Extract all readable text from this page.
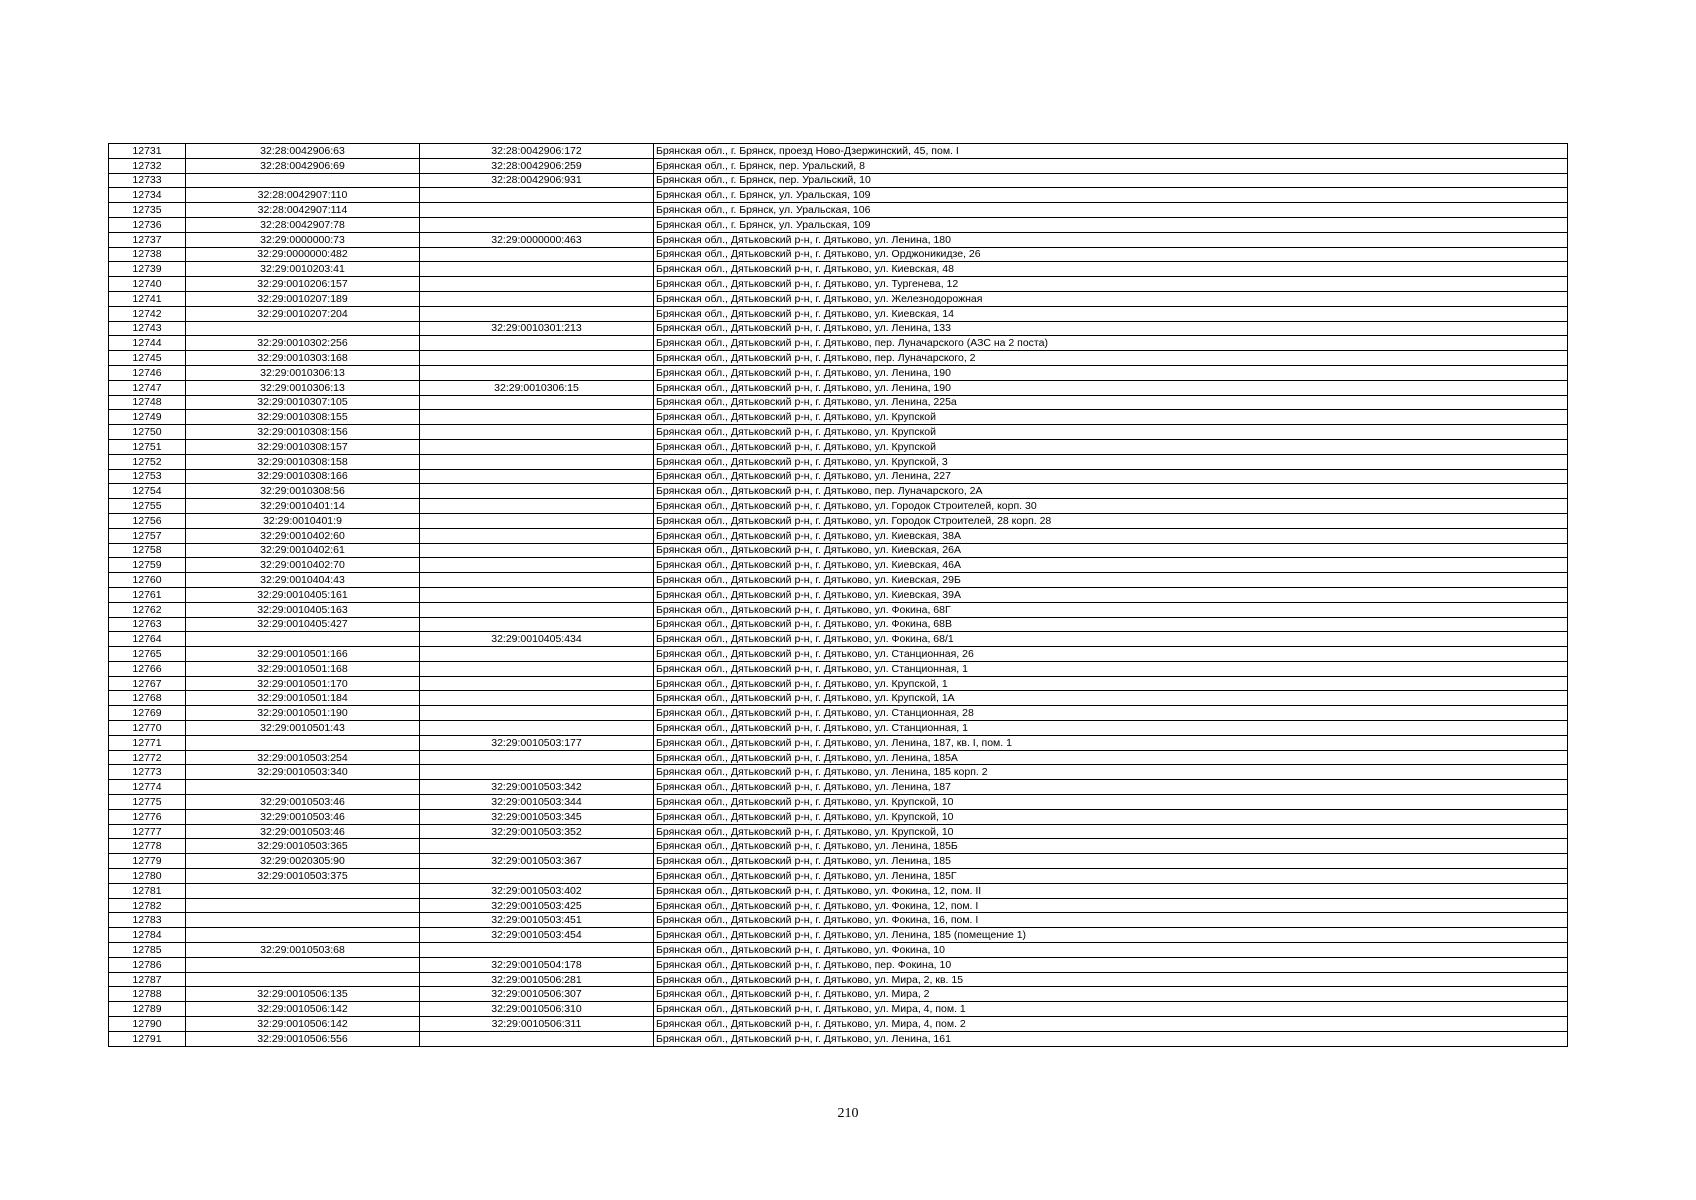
12731	32:28:0042906:63	32:28:0042906:172	Брянская обл., г. Брянск, проезд Ново-Дзержинский, 45, пом. I
12732	32:28:0042906:69	32:28:0042906:259	Брянская обл., г. Брянск, пер. Уральский, 8
12733		32:28:0042906:931	Брянская обл., г. Брянск, пер. Уральский, 10
12734	32:28:0042907:110		Брянская обл., г. Брянск, ул. Уральская, 109
12735	32:28:0042907:114		Брянская обл., г. Брянск, ул. Уральская, 106
12736	32:28:0042907:78		Брянская обл., г. Брянск, ул. Уральская, 109
12737	32:29:0000000:73	32:29:0000000:463	Брянская обл., Дятьковский р-н, г. Дятьково, ул. Ленина, 180
12738	32:29:0000000:482		Брянская обл., Дятьковский р-н, г. Дятьково, ул. Орджоникидзе, 26
12739	32:29:0010203:41		Брянская обл., Дятьковский р-н, г. Дятьково, ул. Киевская, 48
12740	32:29:0010206:157		Брянская обл., Дятьковский р-н, г. Дятьково, ул. Тургенева, 12
12741	32:29:0010207:189		Брянская обл., Дятьковский р-н, г. Дятьково, ул. Железнодорожная
12742	32:29:0010207:204		Брянская обл., Дятьковский р-н, г. Дятьково, ул. Киевская, 14
12743		32:29:0010301:213	Брянская обл., Дятьковский р-н, г. Дятьково, ул. Ленина, 133
12744	32:29:0010302:256		Брянская обл., Дятьковский р-н, г. Дятьково, пер. Луначарского (АЗС на 2 поста)
12745	32:29:0010303:168		Брянская обл., Дятьковский р-н, г. Дятьково, пер. Луначарского, 2
12746	32:29:0010306:13		Брянская обл., Дятьковский р-н, г. Дятьково, ул. Ленина, 190
12747	32:29:0010306:13	32:29:0010306:15	Брянская обл., Дятьковский р-н, г. Дятьково, ул. Ленина, 190
12748	32:29:0010307:105		Брянская обл., Дятьковский р-н, г. Дятьково, ул. Ленина, 225а
12749	32:29:0010308:155		Брянская обл., Дятьковский р-н, г. Дятьково, ул. Крупской
12750	32:29:0010308:156		Брянская обл., Дятьковский р-н, г. Дятьково, ул. Крупской
12751	32:29:0010308:157		Брянская обл., Дятьковский р-н, г. Дятьково, ул. Крупской
12752	32:29:0010308:158		Брянская обл., Дятьковский р-н, г. Дятьково, ул. Крупской, 3
12753	32:29:0010308:166		Брянская обл., Дятьковский р-н, г. Дятьково, ул. Ленина, 227
12754	32:29:0010308:56		Брянская обл., Дятьковский р-н, г. Дятьково, пер. Луначарского, 2А
12755	32:29:0010401:14		Брянская обл., Дятьковский р-н, г. Дятьково, ул. Городок Строителей, корп. 30
12756	32:29:0010401:9		Брянская обл., Дятьковский р-н, г. Дятьково, ул. Городок Строителей, 28 корп. 28
12757	32:29:0010402:60		Брянская обл., Дятьковский р-н, г. Дятьково, ул. Киевская, 38А
12758	32:29:0010402:61		Брянская обл., Дятьковский р-н, г. Дятьково, ул. Киевская, 26А
12759	32:29:0010402:70		Брянская обл., Дятьковский р-н, г. Дятьково, ул. Киевская, 46А
12760	32:29:0010404:43		Брянская обл., Дятьковский р-н, г. Дятьково, ул. Киевская, 29Б
12761	32:29:0010405:161		Брянская обл., Дятьковский р-н, г. Дятьково, ул. Киевская, 39А
12762	32:29:0010405:163		Брянская обл., Дятьковский р-н, г. Дятьково, ул. Фокина, 68Г
12763	32:29:0010405:427		Брянская обл., Дятьковский р-н, г. Дятьково, ул. Фокина, 68В
12764		32:29:0010405:434	Брянская обл., Дятьковский р-н, г. Дятьково, ул. Фокина, 68/1
12765	32:29:0010501:166		Брянская обл., Дятьковский р-н, г. Дятьково, ул. Станционная, 26
12766	32:29:0010501:168		Брянская обл., Дятьковский р-н, г. Дятьково, ул. Станционная, 1
12767	32:29:0010501:170		Брянская обл., Дятьковский р-н, г. Дятьково, ул. Крупской, 1
12768	32:29:0010501:184		Брянская обл., Дятьковский р-н, г. Дятьково, ул. Крупской, 1А
12769	32:29:0010501:190		Брянская обл., Дятьковский р-н, г. Дятьково, ул. Станционная, 28
12770	32:29:0010501:43		Брянская обл., Дятьковский р-н, г. Дятьково, ул. Станционная, 1
12771		32:29:0010503:177	Брянская обл., Дятьковский р-н, г. Дятьково, ул. Ленина, 187, кв. I, пом. 1
12772	32:29:0010503:254		Брянская обл., Дятьковский р-н, г. Дятьково, ул. Ленина, 185А
12773	32:29:0010503:340		Брянская обл., Дятьковский р-н, г. Дятьково, ул. Ленина, 185 корп. 2
12774		32:29:0010503:342	Брянская обл., Дятьковский р-н, г. Дятьково, ул. Ленина, 187
12775	32:29:0010503:46	32:29:0010503:344	Брянская обл., Дятьковский р-н, г. Дятьково, ул. Крупской, 10
12776	32:29:0010503:46	32:29:0010503:345	Брянская обл., Дятьковский р-н, г. Дятьково, ул. Крупской, 10
12777	32:29:0010503:46	32:29:0010503:352	Брянская обл., Дятьковский р-н, г. Дятьково, ул. Крупской, 10
12778	32:29:0010503:365		Брянская обл., Дятьковский р-н, г. Дятьково, ул. Ленина, 185Б
12779	32:29:0020305:90	32:29:0010503:367	Брянская обл., Дятьковский р-н, г. Дятьково, ул. Ленина, 185
12780	32:29:0010503:375		Брянская обл., Дятьковский р-н, г. Дятьково, ул. Ленина, 185Г
12781		32:29:0010503:402	Брянская обл., Дятьковский р-н, г. Дятьково, ул. Фокина, 12, пом. II
12782		32:29:0010503:425	Брянская обл., Дятьковский р-н, г. Дятьково, ул. Фокина, 12, пом. I
12783		32:29:0010503:451	Брянская обл., Дятьковский р-н, г. Дятьково, ул. Фокина, 16, пом. I
12784		32:29:0010503:454	Брянская обл., Дятьковский р-н, г. Дятьково, ул. Ленина, 185 (помещение 1)
12785	32:29:0010503:68		Брянская обл., Дятьковский р-н, г. Дятьково, ул. Фокина, 10
12786		32:29:0010504:178	Брянская обл., Дятьковский р-н, г. Дятьково, пер. Фокина, 10
12787		32:29:0010506:281	Брянская обл., Дятьковский р-н, г. Дятьково, ул. Мира, 2, кв. 15
12788	32:29:0010506:135	32:29:0010506:307	Брянская обл., Дятьковский р-н, г. Дятьково, ул. Мира, 2
12789	32:29:0010506:142	32:29:0010506:310	Брянская обл., Дятьковский р-н, г. Дятьково, ул. Мира, 4, пом. 1
12790	32:29:0010506:142	32:29:0010506:311	Брянская обл., Дятьковский р-н, г. Дятьково, ул. Мира, 4, пом. 2
12791	32:29:0010506:556		Брянская обл., Дятьковский р-н, г. Дятьково, ул. Ленина, 161
210
